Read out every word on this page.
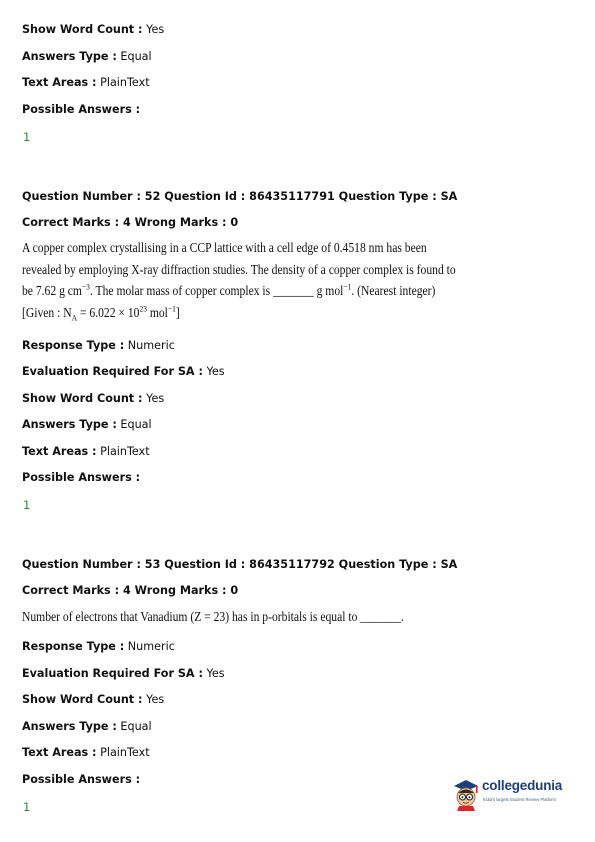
Show Word Count : Yes
Answers Type : Equal
Text Areas : PlainText
Possible Answers :
1
Question Number : 52 Question Id : 86435117791 Question Type : SA
Correct Marks : 4 Wrong Marks : 0

A copper complex crystallising in a CCP lattice with a cell edge of 0.4518 nm has been

revealed by employing X-ray diffraction studies. The density of a copper complex is found to

be 7.62 g $cm^{-3}$. The molar mass of copper complex is _______ g mol$^{-1}$. (Nearest integer)

[Given : $N_A = 6.022 \times 10^{23}$ mol$^{-1}$]

Response Type : Numeric
Evaluation Required For SA : Yes
Show Word Count : Yes
Answers Type : Equal
Text Areas : PlainText
Possible Answers :
1
Question Number : 53 Question Id : 86435117792 Question Type : SA
Correct Marks : 4 Wrong Marks : 0

Number of electrons that Vanadium (Z = 23) has in p-orbitals is equal to _______.

Response Type : Numeric
Evaluation Required For SA : Yes
Show Word Count : Yes
Answers Type : Equal
Text Areas : PlainText
Possible Answers :
1
collegedunia
India's largest Student Review Platform
